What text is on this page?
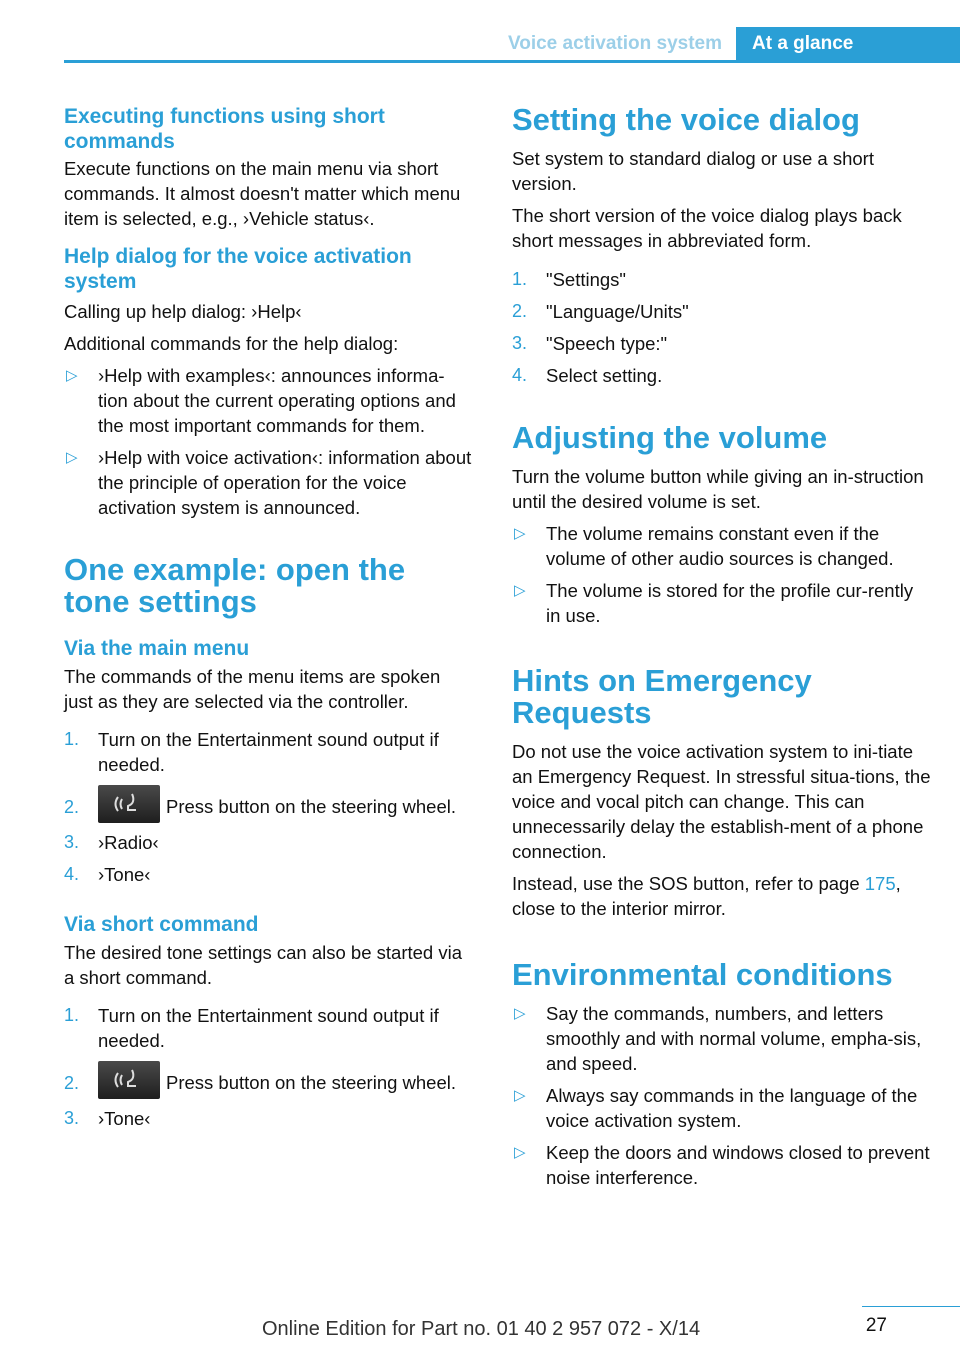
Voice activation system	At a glance
Executing functions using short commands

Execute functions on the main menu via short commands. It almost doesn't matter which menu item is selected, e.g., ›Vehicle status‹.

Help dialog for the voice activation system

Calling up help dialog: ›Help‹

Additional commands for the help dialog:

▷ ›Help with examples‹: announces informa-tion about the current operating options and the most important commands for them.
▷ ›Help with voice activation‹: information about the principle of operation for the voice activation system is announced.
One example: open the tone settings
Via the main menu

The commands of the menu items are spoken just as they are selected via the controller.

1. Turn on the Entertainment sound output if needed.
2.	Press button on the steering wheel.
3. ›Radio‹
4. ›Tone‹
Via short command

The desired tone settings can also be started via a short command.

1. Turn on the Entertainment sound output if needed.
2.	Press button on the steering wheel.
3. ›Tone‹
Setting the voice dialog

Set system to standard dialog or use a short version.

The short version of the voice dialog plays back short messages in abbreviated form.

1. "Settings"
2. "Language/Units"
3. "Speech type:"
4. Select setting.
Adjusting the volume

Turn the volume button while giving an in-struction until the desired volume is set.

▷ The volume remains constant even if the volume of other audio sources is changed.
▷ The volume is stored for the profile cur-rently in use.
Hints on Emergency Requests

Do not use the voice activation system to ini-tiate an Emergency Request. In stressful situa-tions, the voice and vocal pitch can change. This can unnecessarily delay the establish-ment of a phone connection.

Instead, use the SOS button, refer to page 175, close to the interior mirror.

Environmental conditions
▷ Say the commands, numbers, and letters smoothly and with normal volume, empha-sis, and speed.
▷ Always say commands in the language of the voice activation system.
▷ Keep the doors and windows closed to prevent noise interference.
27
Online Edition for Part no. 01 40 2 957 072 - X/14
